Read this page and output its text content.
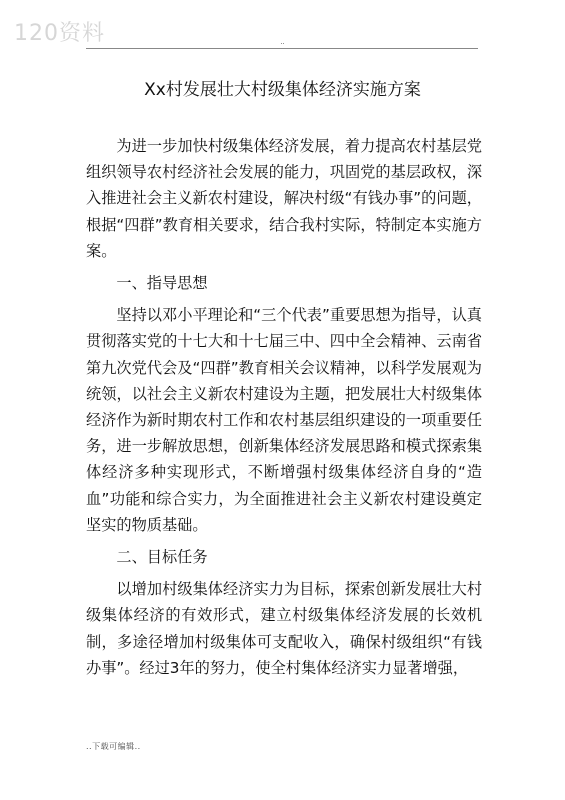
120资料	..
Xx村发展壮大村级集体经济实施方案

为进一步加快村级集体经济发展，着力提高农村基层党组织领导农村经济社会发展的能力，巩固党的基层政权，深入推进社会主义新农村建设，解决村级“有钱办事”的问题，根据“四群”教育相关要求，结合我村实际，特制定本实施方案。

一、指导思想

坚持以邓小平理论和“三个代表”重要思想为指导，认真贯彻落实党的十七大和十七届三中、四中全会精神、云南省第九次党代会及“四群”教育相关会议精神，以科学发展观为统领，以社会主义新农村建设为主题，把发展壮大村级集体经济作为新时期农村工作和农村基层组织建设的一项重要任务，进一步解放思想，创新集体经济发展思路和模式探索集体经济多种实现形式，不断增强村级集体经济自身的“造血”功能和综合实力，为全面推进社会主义新农村建设奠定坚实的物质基础。

二、目标任务

以增加村级集体经济实力为目标，探索创新发展壮大村级集体经济的有效形式，建立村级集体经济发展的长效机制，多途径增加村级集体可支配收入，确保村级组织“有钱办事”。经过3年的努力，使全村集体经济实力显著增强，

..下载可编辑..
